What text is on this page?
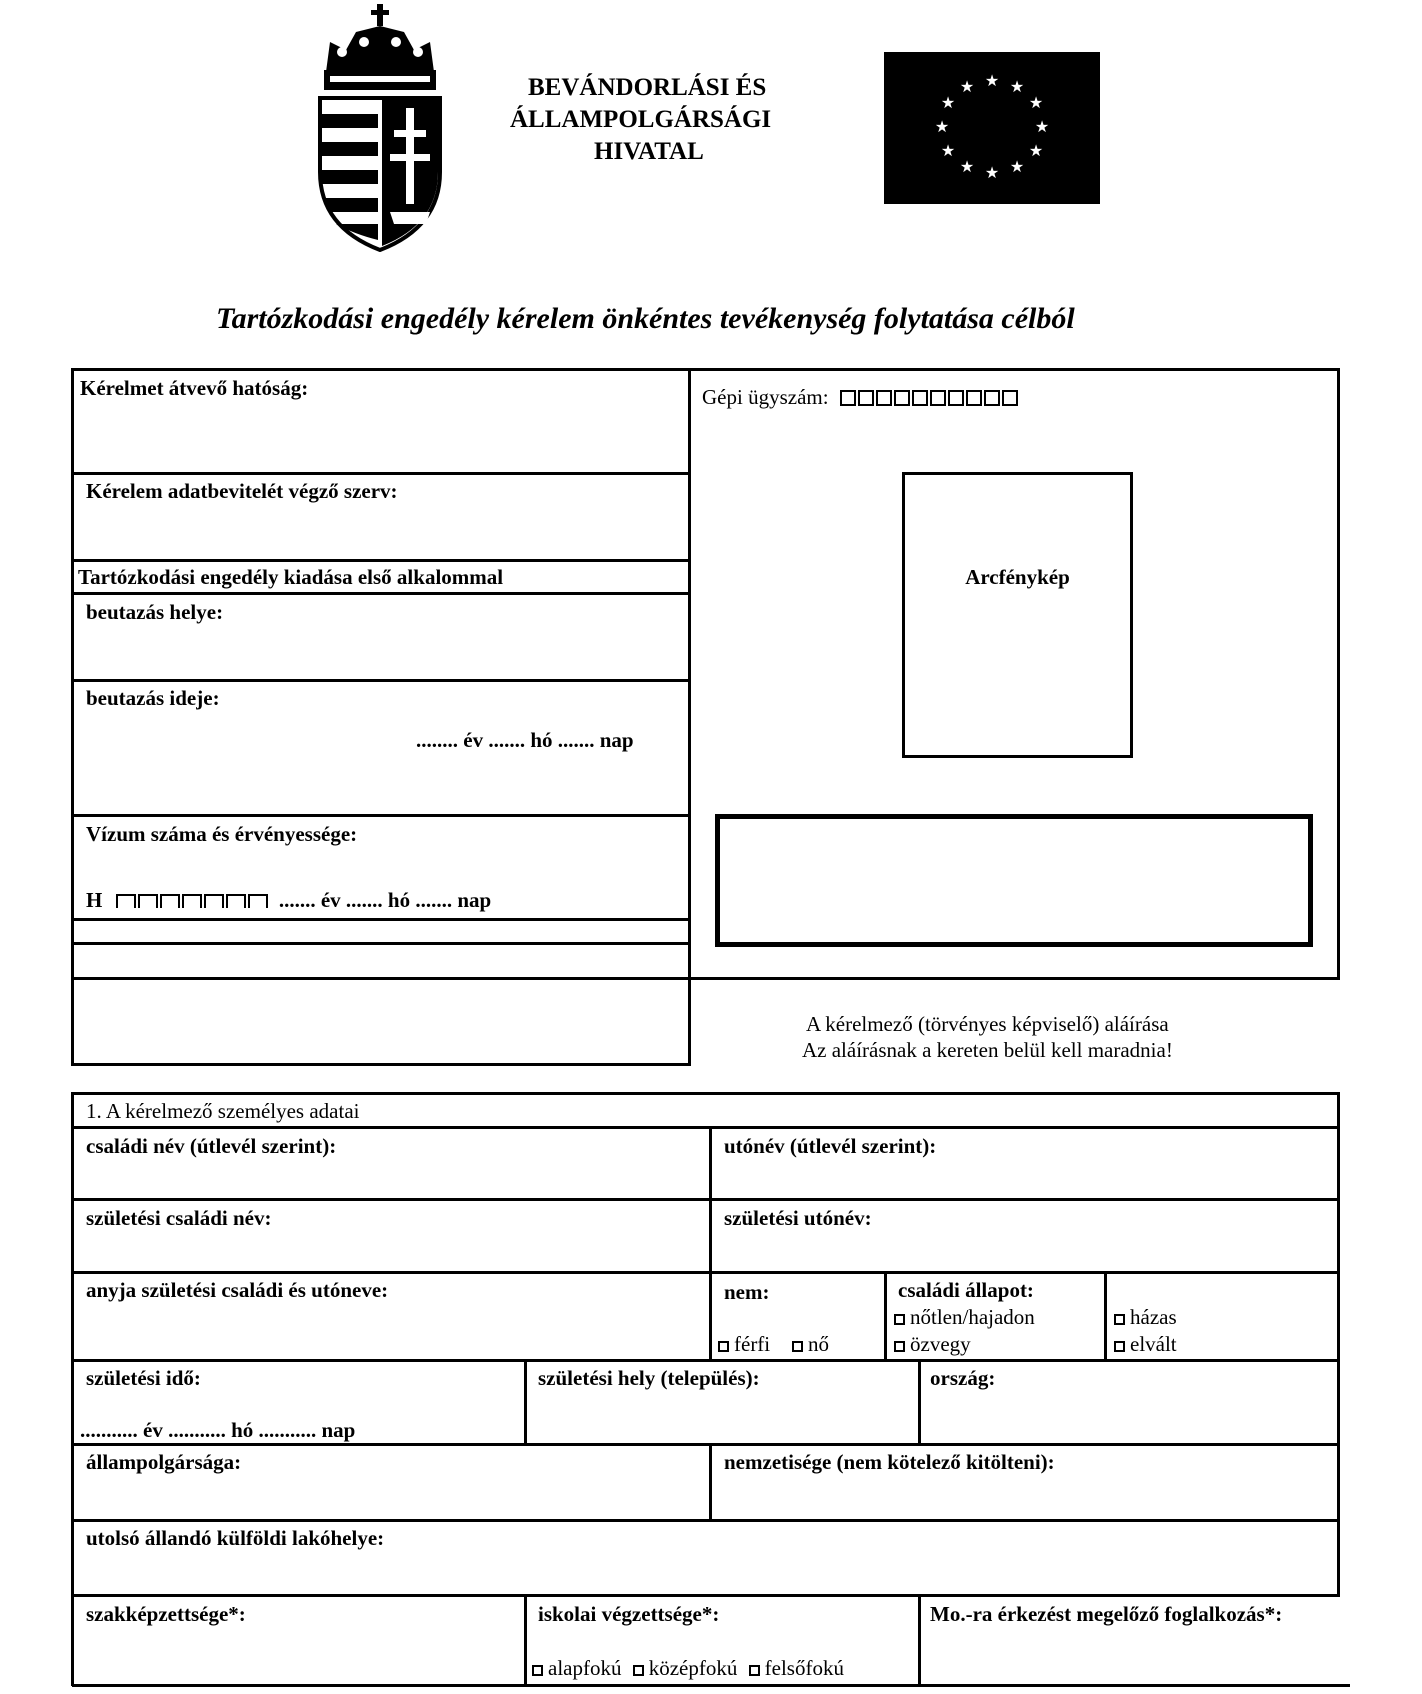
BEVÁNDORLÁSI ÉS
ÁLLAMPOLGÁRSÁGI
HIVATAL
★ ★
★
★
★
★
★
★
★
★
★
★
Tartózkodási engedély kérelem önkéntes tevékenység folytatása célból
Kérelmet átvevő hatóság:
Kérelem adatbevitelét végző szerv:
Tartózkodási engedély kiadása első alkalommal
beutazás helye:
beutazás ideje:
........ év ....... hó ....... nap
Vízum száma és érvényessége:
H	....... év ....... hó ....... nap
Gépi ügyszám:
Arcfénykép
A kérelmező (törvényes képviselő) aláírása
Az aláírásnak a kereten belül kell maradnia!
1. A kérelmező személyes adatai
családi név (útlevél szerint):	utónév (útlevél szerint):
születési családi név:	születési utónév:
anyja születési családi és utóneve:	nem:
férfi	nő
családi állapot:
nőtlen/hajadon
özvegy
házas
elvált
születési idő:
........... év ........... hó ........... nap
születési hely (település):	ország:
állampolgársága:	nemzetisége (nem kötelező kitölteni):
utolsó állandó külföldi lakóhelye:
szakképzettsége*:	iskolai végzettsége*:
alapfokú középfokú felsőfokú
Mo.-ra érkezést megelőző foglalkozás*:
